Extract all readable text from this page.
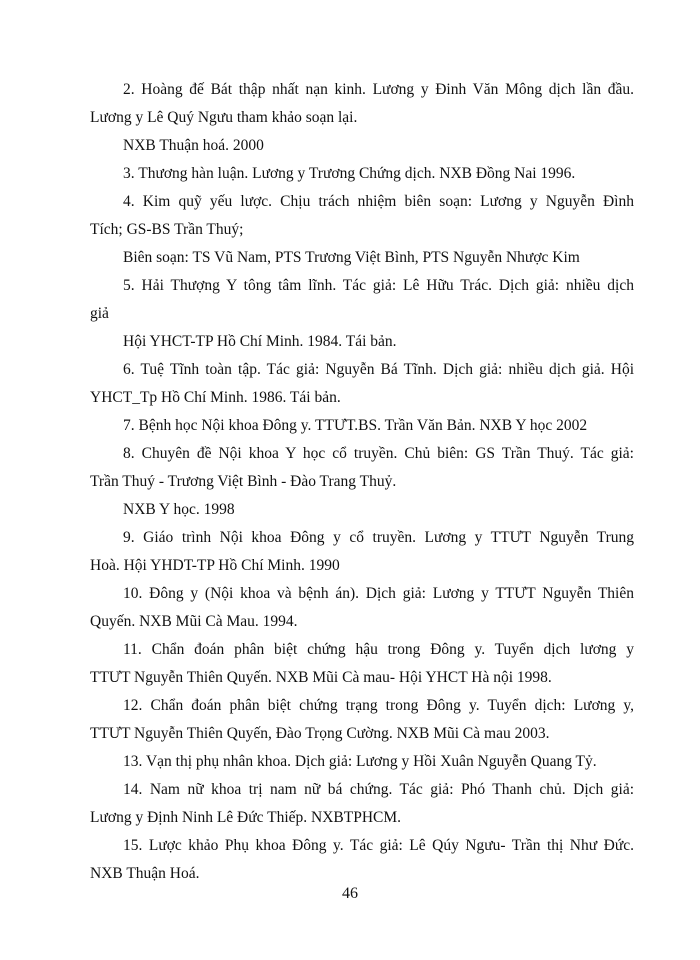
2. Hoàng đế Bát thập nhất nạn kinh. Lương y Đinh Văn Mông dịch lần đầu.
Lương y Lê Quý Ngưu tham khảo soạn lại.
NXB Thuận hoá. 2000
3. Thương hàn luận. Lương y Trương Chứng dịch. NXB Đồng Nai 1996.
4. Kim quỹ yếu lược. Chịu trách nhiệm biên soạn: Lương y Nguyễn Đình
Tích; GS-BS Trần Thuý;
Biên soạn: TS Vũ Nam, PTS Trương Việt Bình, PTS Nguyễn Nhược Kim
5. Hải Thượng Y tông tâm lĩnh. Tác giả: Lê Hữu Trác. Dịch giả: nhiều dịch
giả
Hội YHCT-TP Hồ Chí Minh. 1984. Tái bản.
6. Tuệ Tĩnh toàn tập. Tác giả: Nguyễn Bá Tĩnh. Dịch giả: nhiều dịch giả. Hội
YHCT_Tp Hồ Chí Minh. 1986. Tái bản.
7. Bệnh học Nội khoa Đông y. TTƯT.BS. Trần Văn Bản. NXB Y học 2002
8. Chuyên đề Nội khoa Y học cổ truyền. Chủ biên: GS Trần Thuý. Tác giả:
Trần Thuý - Trương Việt Bình - Đào Trang Thuỷ.
NXB Y học. 1998
9. Giáo trình Nội khoa Đông y cổ truyền. Lương y TTƯT Nguyễn Trung
Hoà. Hội YHDT-TP Hồ Chí Minh. 1990
10. Đông y (Nội khoa và bệnh án). Dịch giả: Lương y TTƯT Nguyễn Thiên
Quyến. NXB Mũi Cà Mau. 1994.
11. Chẩn đoán phân biệt chứng hậu trong Đông y. Tuyển dịch lương y
TTƯT Nguyễn Thiên Quyến. NXB Mũi Cà mau- Hội YHCT Hà nội 1998.
12. Chẩn đoán phân biệt chứng trạng trong Đông y. Tuyển dịch: Lương y,
TTƯT Nguyễn Thiên Quyến, Đào Trọng Cường. NXB Mũi Cà mau 2003.
13. Vạn thị phụ nhân khoa. Dịch giả: Lương y Hồi Xuân Nguyễn Quang Tỷ.
14. Nam nữ khoa trị nam nữ bá chứng. Tác giả: Phó Thanh chủ. Dịch giả:
Lương y Định Ninh Lê Đức Thiếp. NXBTPHCM.
15. Lược khảo Phụ khoa Đông y. Tác giả: Lê Qúy Ngưu- Trần thị Như Đức.
NXB Thuận Hoá.
46
